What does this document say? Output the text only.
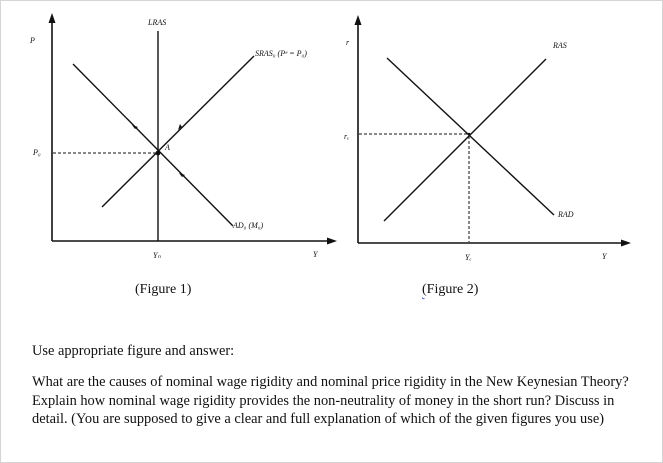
P
Y
LRAS
SRAS₀ (Pᵉ = P₀)
AD₀ (M₀)
P₀
Yₙ
A
r
Y
RAS
RAD
rₑ
Yₑ
(Figure 1)	(Figure 2)
Use appropriate figure and answer:
What are the causes of nominal wage rigidity and nominal price rigidity in the New Keynesian Theory? Explain how nominal wage rigidity provides the non-neutrality of money in the short run? Discuss in detail. (You are supposed to give a clear and full explanation of which of the given figures you use)
